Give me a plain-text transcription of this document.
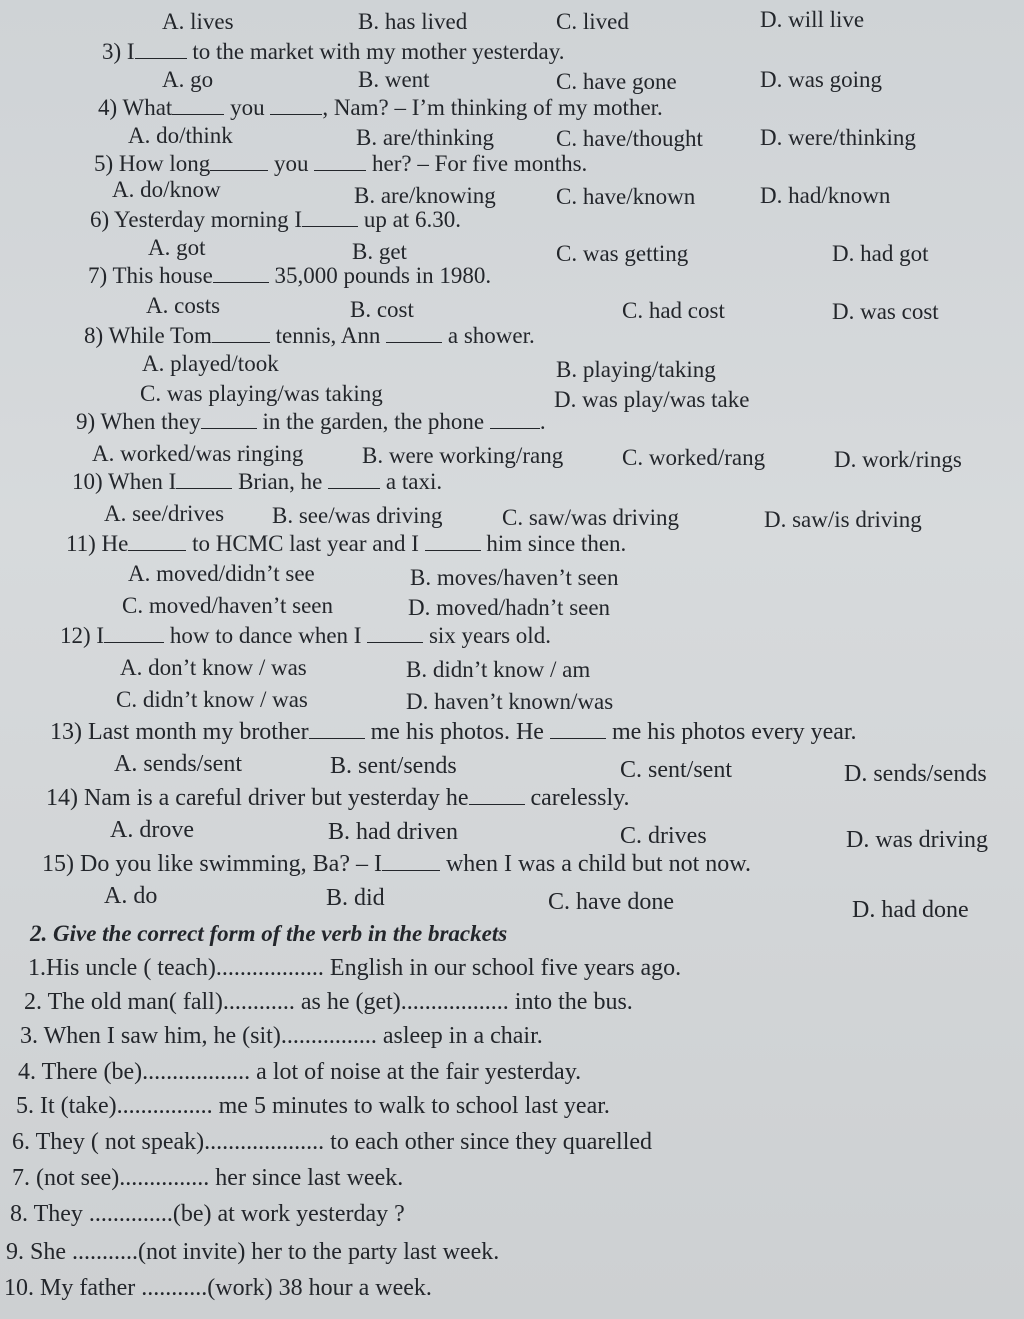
A. lives	B. has lived	C. lived	D. will live
3) I to the market with my mother yesterday.
A. go	B. went	C. have gone	D. was going
4) What you , Nam? – I’m thinking of my mother.
A. do/think	B. are/thinking	C. have/thought D. were/thinking
5) How long	you  her? – For five months.
A. do/know	B. are/knowing	C. have/known	D. had/known
6) Yesterday morning I up at 6.30.
A. got	B. get	C. was getting	D. had got
7) This house 35,000 pounds in 1980.
A. costs	B. cost	C. had cost	D. was cost
8) While Tom	tennis, Ann  a shower.
A. played/took	B. playing/taking
C. was playing/was taking	D. was play/was take
9) When they in the garden, the phone .
A. worked/was ringing	B. were working/rang	C. worked/rang	D. work/rings
10) When I Brian, he  a taxi.
A. see/drives B. see/was driving	C. saw/was driving	D. saw/is driving
11) He	to HCMC last year and I  him since then.
A. moved/didn’t see	B. moves/haven’t seen
C. moved/haven’t seen	D. moved/hadn’t seen
12) I	how to dance when I  six years old.
A. don’t know / was	B. didn’t know / am
C. didn’t know / was	D. haven’t known/was
13) Last month my brother me his photos. He  me his photos every year.
A. sends/sent	B. sent/sends	C. sent/sent	D. sends/sends
14) Nam is a careful driver but yesterday he carelessly.
A. drove	B. had driven	C. drives	D. was driving
15) Do you like swimming, Ba? – I when I was a child but not now.
A. do	B. did	C. have done	D. had done
2. Give the correct form of the verb in the brackets
1.His uncle ( teach).................. English in our school five years ago.
2. The old man( fall)............ as he (get).................. into the bus.
3. When I saw him, he (sit)................ asleep in a chair.
4. There (be).................. a lot of noise at the fair yesterday.
5. It (take)................ me 5 minutes to walk to school last year.
6. They ( not speak).................... to each other since they quarelled
7. (not see)............... her since last week.
8. They ..............(be) at work yesterday ?
9. She ...........(not invite) her to the party last week.
10. My father ...........(work) 38 hour a week.
